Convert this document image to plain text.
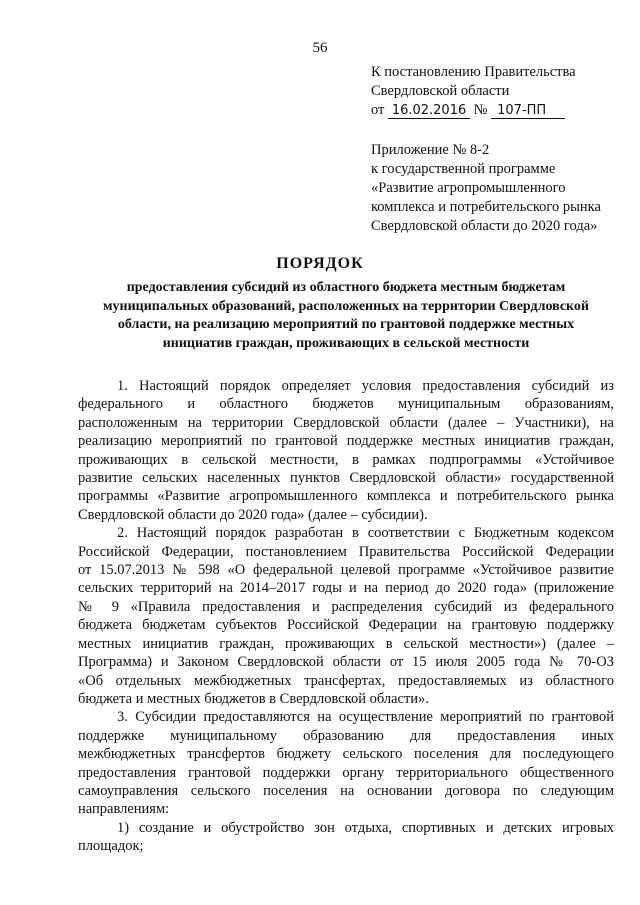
56
К постановлению Правительства
Свердловской области
от 16.02.2016 № 107-ПП
Приложение № 8-2
к государственной программе
«Развитие агропромышленного
комплекса и потребительского рынка
Свердловской области до 2020 года»
ПОРЯДОК
предоставления субсидий из областного бюджета местным бюджетам
муниципальных образований, расположенных на территории Свердловской
области, на реализацию мероприятий по грантовой поддержке местных
инициатив граждан, проживающих в сельской местности
1. Настоящий порядок определяет условия предоставления субсидий из
федерального и областного бюджетов муниципальным образованиям,
расположенным на территории Свердловской области (далее – Участники), на
реализацию мероприятий по грантовой поддержке местных инициатив граждан,
проживающих в сельской местности, в рамках подпрограммы «Устойчивое
развитие сельских населенных пунктов Свердловской области» государственной
программы «Развитие агропромышленного комплекса и потребительского рынка
Свердловской области до 2020 года» (далее – субсидии).
2. Настоящий порядок разработан в соответствии с Бюджетным кодексом
Российской Федерации, постановлением Правительства Российской Федерации
от 15.07.2013 № 598 «О федеральной целевой программе «Устойчивое развитие
сельских территорий на 2014–2017 годы и на период до 2020 года» (приложение
№ 9 «Правила предоставления и распределения субсидий из федерального
бюджета бюджетам субъектов Российской Федерации на грантовую поддержку
местных инициатив граждан, проживающих в сельской местности») (далее –
Программа) и Законом Свердловской области от 15 июля 2005 года № 70-ОЗ
«Об отдельных межбюджетных трансфертах, предоставляемых из областного
бюджета и местных бюджетов в Свердловской области».
3. Субсидии предоставляются на осуществление мероприятий по грантовой
поддержке муниципальному образованию для предоставления иных
межбюджетных трансфертов бюджету сельского поселения для последующего
предоставления грантовой поддержки органу территориального общественного
самоуправления сельского поселения на основании договора по следующим
направлениям:
1) создание и обустройство зон отдыха, спортивных и детских игровых
площадок;
